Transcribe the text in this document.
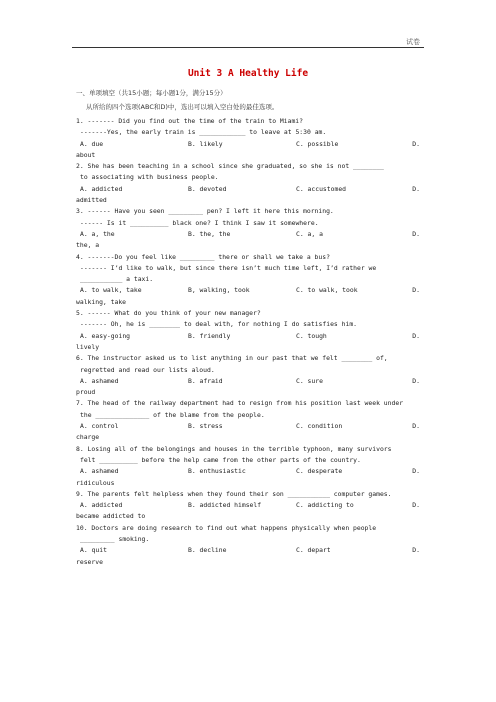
试卷
Unit 3 A Healthy Life
一、单项填空（共15小题；每小题1分，满分15分）
从所给的四个选项(ABC和D)中，选出可以填入空白处的最佳选项。
1. ------- Did you find out the time of the train to Miami?
-------Yes, the early train is ____________ to leave at 5:30 am.
A. due	B. likely	C. possible	D.
about
2. She has been teaching in a school since she graduated, so she is not ________
to associating with business people.
A. addicted	B. devoted	C. accustomed	D.
admitted
3. ------ Have you seen _________ pen? I left it here this morning.
------ Is it __________ black one? I think I saw it somewhere.
A. a, the	B. the, the	C. a, a	D.
the, a
4. -------Do you feel like _________ there or shall we take a bus?
------- I’d like to walk, but since there isn’t much time left, I’d rather we
___________ a taxi.
A. to walk, take	B, walking, took	C. to walk, took	D.
walking, take
5. ------ What do you think of your new manager?
------- Oh, he is ________ to deal with, for nothing I do satisfies him.
A. easy-going	B. friendly	C. tough	D.
lively
6. The instructor asked us to list anything in our past that we felt ________ of,
regretted and read our lists aloud.
A. ashamed	B. afraid	C. sure	D.
proud
7. The head of the railway department had to resign from his position last week under
the ______________ of the blame from the people.
A. control	B. stress	C. condition	D.
charge
8. Losing all of the belongings and houses in the terrible typhoon, many survivors
felt __________ before the help came from the other parts of the country.
A. ashamed	B. enthusiastic	C. desperate	D.
ridiculous
9. The parents felt helpless when they found their son ___________ computer games.
A. addicted	B. addicted himself	C. addicting to	D.
became addicted to
10. Doctors are doing research to find out what happens physically when people
_________ smoking.
A. quit	B. decline	C. depart	D.
reserve
